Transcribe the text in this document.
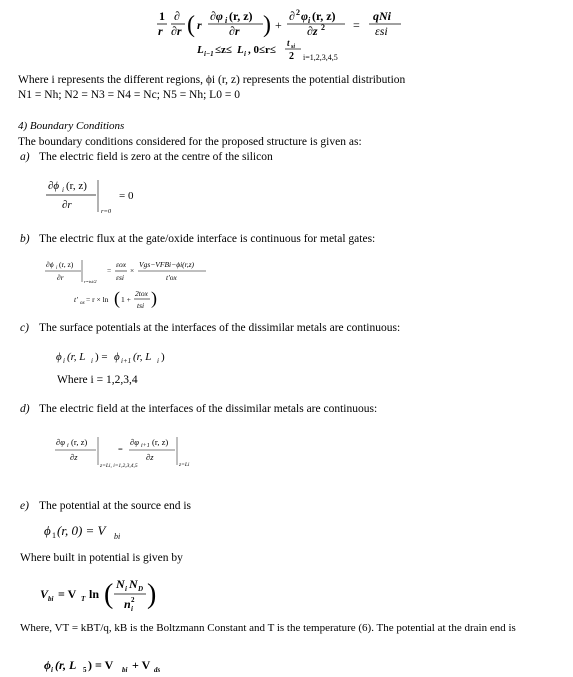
1
r
∂
∂r ( r
∂φ i (r, z)
∂r ) +
∂ 2 φ i (r, z)
∂z 2 =
qNi
εsi
L i−1 ≤z≤ L i , 0≤r≤
t si
2 i=1,2,3,4,5
Where i represents the different regions, ϕi (r, z) represents the potential distribution
N1 = Nh; N2 = N3 = N4 = Nc; N5 = Nh; L0 = 0
4) Boundary Conditions
The boundary conditions considered for the proposed structure is given as:
a) The electric field is zero at the centre of the silicon
∂ϕ i (r, z)
∂r
r=0
= 0
b) The electric flux at the gate/oxide interface is continuous for metal gates:
∂ϕ i (r, z)
∂r	r=tsi/2
=
εox
εsi
×
Vgs−VFBi−ϕi(r,z)
t′ox
t′ ox = r × ln ( 1 +
2tox
tsi )
c) The surface potentials at the interfaces of the dissimilar metals are continuous:
ϕ i (r, L i ) = ϕ i+1 (r, L i )
Where i = 1,2,3,4
d) The electric field at the interfaces of the dissimilar metals are continuous:
∂φ i (r, z)
∂z
z=Li, i=1,2,3,4,5
=
∂φ i+1 (r, z)
∂z
z=Li
e) The potential at the source end is
ϕ 1 (r, 0) = V bi
Where built in potential is given by
V bi = V T ln ( N i N D
n 2
i )
Where, VT = kBT/q, kB is the Boltzmann Constant and T is the temperature (6). The potential at the drain end is
ϕ i (r, L 5 ) = V bi + V ds
